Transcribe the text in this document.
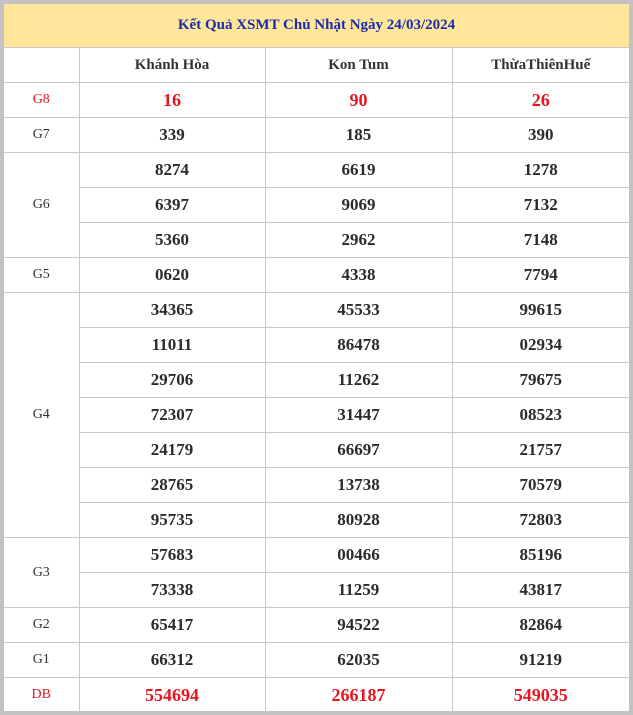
Kết Quả XSMT Chủ Nhật Ngày 24/03/2024			
	Khánh Hòa	Kon Tum	ThừaThiênHuế
G8	16	90	26
G7	339	185	390
G6	8274	6619	1278
	6397	9069	7132
	5360	2962	7148
G5	0620	4338	7794
G4	34365	45533	99615
	11011	86478	02934
	29706	11262	79675
	72307	31447	08523
	24179	66697	21757
	28765	13738	70579
	95735	80928	72803
G3	57683	00466	85196
	73338	11259	43817
G2	65417	94522	82864
G1	66312	62035	91219
DB	554694	266187	549035
